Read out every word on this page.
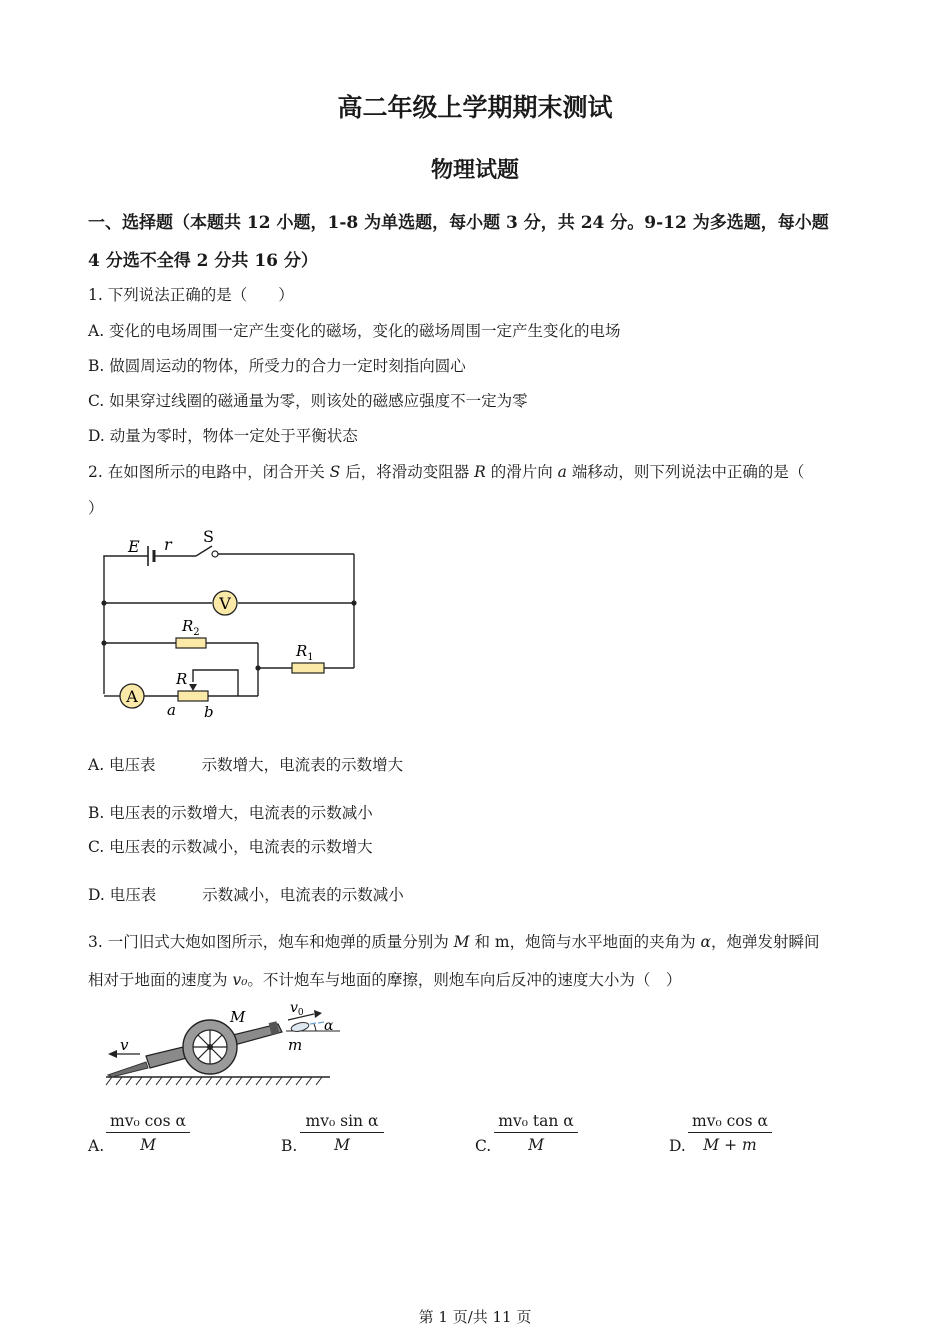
高二年级上学期期末测试
物理试题
一、选择题（本题共 12 小题，1-8 为单选题，每小题 3 分，共 24 分。9-12 为多选题，每小题
4 分选不全得 2 分共 16 分）
1. 下列说法正确的是（　　）
A. 变化的电场周围一定产生变化的磁场，变化的磁场周围一定产生变化的电场
B. 做圆周运动的物体，所受力的合力一定时刻指向圆心
C. 如果穿过线圈的磁通量为零，则该处的磁感应强度不一定为零
D. 动量为零时，物体一定处于平衡状态
2. 在如图所示的电路中，闭合开关 S 后，将滑动变阻器 R 的滑片向 a 端移动，则下列说法中正确的是（
）
V
A
E r S
$R_2$
$R_1$
R
a b
A. 电压表	示数增大，电流表的示数增大
B. 电压表的示数增大，电流表的示数减小
C. 电压表的示数减小，电流表的示数增大
D. 电压表	示数减小，电流表的示数减小
3. 一门旧式大炮如图所示，炮车和炮弹的质量分别为 M 和 m，炮筒与水平地面的夹角为 α，炮弹发射瞬间
相对于地面的速度为 v₀。不计炮车与地面的摩擦，则炮车向后反冲的速度大小为（　）
M
m
$v_0$
α
v
A. $\frac{\text{mv₀ cos α}}{M}$	B. $\frac{\text{mv₀ sin α}}{M}$	C. $\frac{\text{mv₀ tan α}}{M}$	D. $\frac{\text{mv₀ cos α}}{M + m}$
第 1 页/共 11 页
